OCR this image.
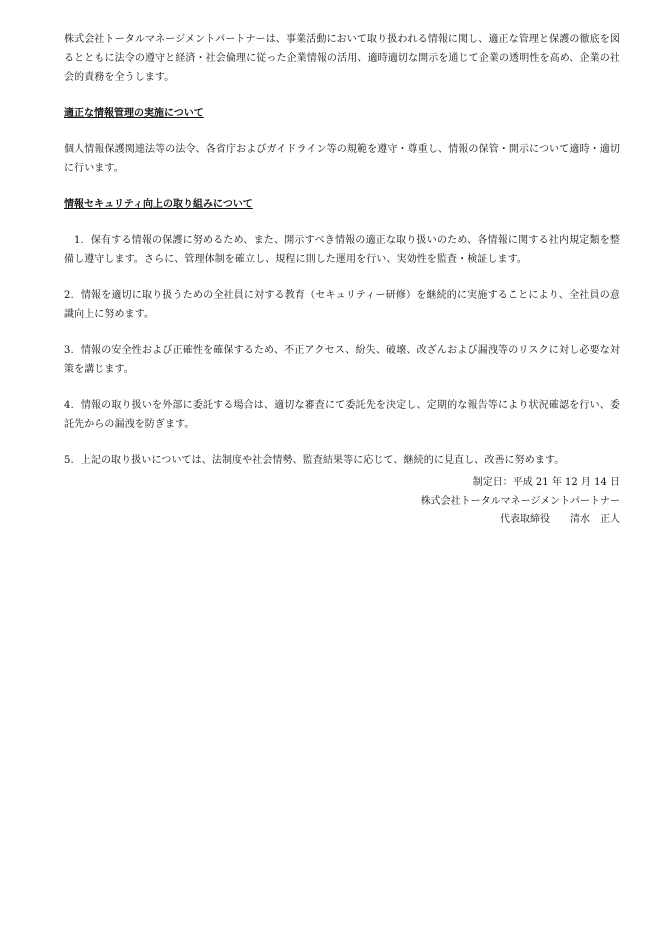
株式会社トータルマネージメントパートナーは、事業活動において取り扱われる情報に関し、適正な管理と保護の徹底を図るとともに法令の遵守と経済・社会倫理に従った企業情報の活用、適時適切な開示を通じて企業の透明性を高め、企業の社会的責務を全うします。

適正な情報管理の実施について

個人情報保護関連法等の法令、各省庁およびガイドライン等の規範を遵守・尊重し、情報の保管・開示について適時・適切に行います。

情報セキュリティ向上の取り組みについて

1. 保有する情報の保護に努めるため、また、開示すべき情報の適正な取り扱いのため、各情報に関する社内規定類を整備し遵守します。さらに、管理体制を確立し、規程に則した運用を行い、実効性を監査・検証します。

2. 情報を適切に取り扱うための全社員に対する教育（セキュリティー研修）を継続的に実施することにより、全社員の意識向上に努めます。

3. 情報の安全性および正確性を確保するため、不正アクセス、紛失、破壊、改ざんおよび漏洩等のリスクに対し必要な対策を講じます。

4. 情報の取り扱いを外部に委託する場合は、適切な審査にて委託先を決定し、定期的な報告等により状況確認を行い、委託先からの漏洩を防ぎます。

5. 上記の取り扱いについては、法制度や社会情勢、監査結果等に応じて、継続的に見直し、改善に努めます。

制定日：平成 21 年 12 月 14 日
株式会社トータルマネージメントパートナー
代表取締役　　清水　正人
